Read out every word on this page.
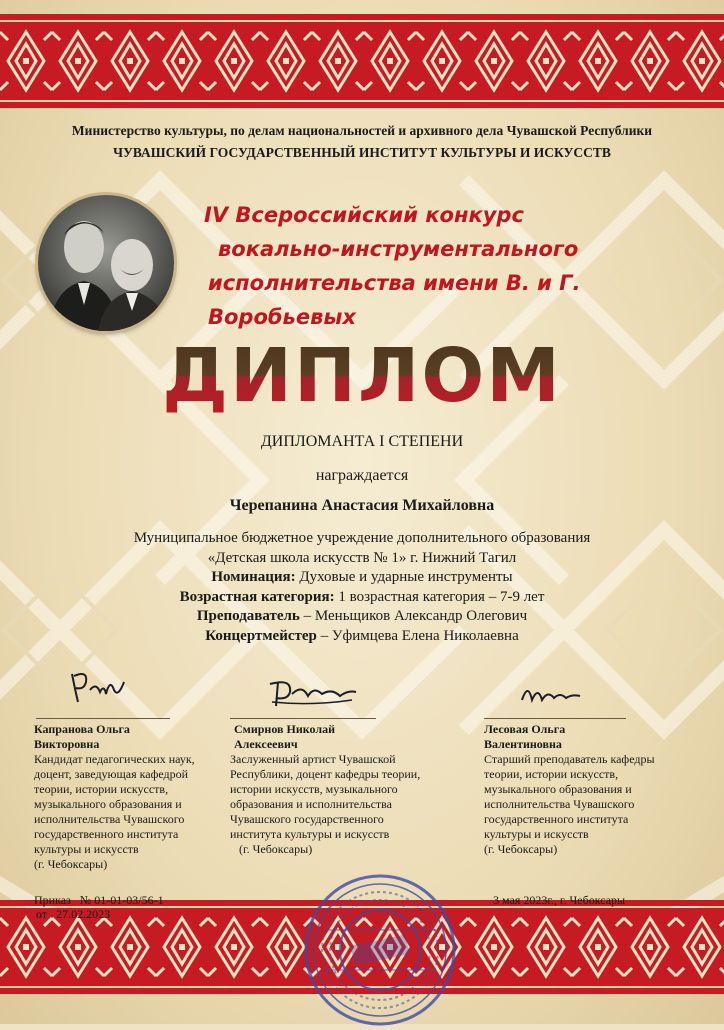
Министерство культуры, по делам национальностей и архивного дела Чувашской Республики
ЧУВАШСКИЙ ГОСУДАРСТВЕННЫЙ ИНСТИТУТ КУЛЬТУРЫ И ИСКУССТВ
IV Всероссийский конкурс
вокально-инструментального
исполнительства имени В. и Г. Воробьевых
ДИПЛОМ
ДИПЛОМАНТА I СТЕПЕНИ
награждается
Черепанина Анастасия Михайловна
Муниципальное бюджетное учреждение дополнительного образования
«Детская школа искусств № 1» г. Нижний Тагил
Номинация: Духовые и ударные инструменты
Возрастная категория: 1 возрастная категория – 7-9 лет
Преподаватель – Меньщиков Александр Олегович
Концертмейстер – Уфимцева Елена Николаевна
Капранова Ольга
Викторовна
Кандидат педагогических наук,
доцент, заведующая кафедрой
теории, истории искусств,
музыкального образования и
исполнительства Чувашского
государственного института
культуры и искусств
(г. Чебоксары)
Смирнов Николай
Алексеевич
Заслуженный артист Чувашской
Республики, доцент кафедры теории,
истории искусств, музыкального
образования и исполнительства
Чувашского государственного
института культуры и искусств
(г. Чебоксары)
Лесовая Ольга
Валентиновна
Старший преподаватель кафедры
теории, истории искусств,
музыкального образования и
исполнительства Чувашского
государственного института
культуры и искусств
(г. Чебоксары)
Приказ   № 01-01-03/56-1
от   27.02.2023
3 мая 2023г., г. Чебоксары
